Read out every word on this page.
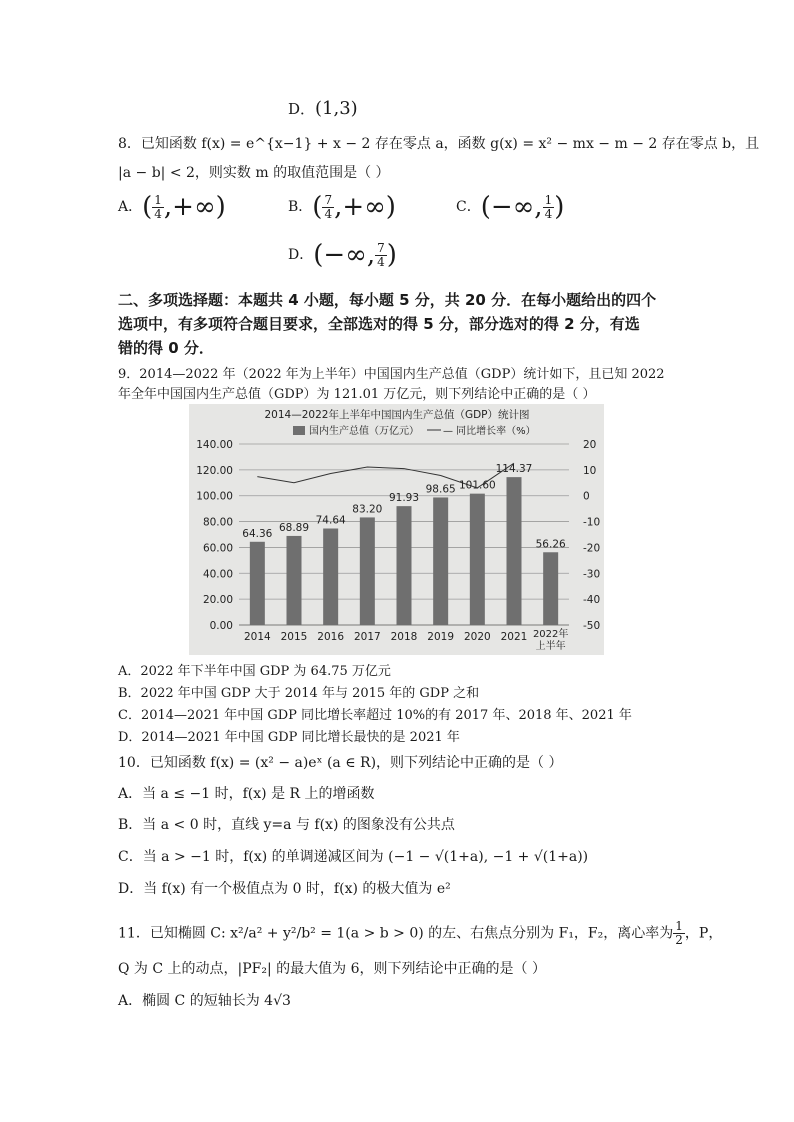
D．(1,3)
8．已知函数 f(x) = e^{x−1} + x − 2 存在零点 a，函数 g(x) = x² − mx − m − 2 存在零点 b，且
|a − b| < 2，则实数 m 的取值范围是（ ）
A．( $\frac{1}{4}$ ,+∞)	B．( $\frac{7}{4}$ ,+∞)	C．(−∞, $\frac{1}{4}$ )
D．(−∞, $\frac{7}{4}$ )
二、多项选择题：本题共 4 小题，每小题 5 分，共 20 分．在每小题给出的四个
选项中，有多项符合题目要求，全部选对的得 5 分，部分选对的得 2 分，有选
错的得 0 分．
9．2014—2022 年（2022 年为上半年）中国国内生产总值（GDP）统计如下，且已知 2022
年全年中国国内生产总值（GDP）为 121.01 万亿元，则下列结论中正确的是（ ）
2014—2022年上半年中国国内生产总值（GDP）统计图
国内生产总值（万亿元） — 同比增长率（%）
140.00	20
120.00	10
100.00	0
80.00	-10
60.00	-20
40.00	-30
20.00	-40
0.00	-50
64.36 68.89
74.64
83.20
91.93
98.65 101.60
114.37
56.26
2014 2015 2016 2017 2018 2019 2020 2021 2022年
上半年
A．2022 年下半年中国 GDP 为 64.75 万亿元
B．2022 年中国 GDP 大于 2014 年与 2015 年的 GDP 之和
C．2014—2021 年中国 GDP 同比增长率超过 10%的有 2017 年、2018 年、2021 年
D．2014—2021 年中国 GDP 同比增长最快的是 2021 年
10．已知函数 f(x) = (x² − a)eˣ (a ∈ R)，则下列结论中正确的是（ ）
A．当 a ≤ −1 时，f(x) 是 R 上的增函数
B．当 a < 0 时，直线 y=a 与 f(x) 的图象没有公共点
C．当 a > −1 时，f(x) 的单调递减区间为 (−1 − √(1+a), −1 + √(1+a))
D．当 f(x) 有一个极值点为 0 时，f(x) 的极大值为 e²
11．已知椭圆 C: x²/a² + y²/b² = 1(a > b > 0) 的左、右焦点分别为 F₁，F₂，离心率为 $\frac{1}{2}$ ，P，
Q 为 C 上的动点，|PF₂| 的最大值为 6，则下列结论中正确的是（ ）
A．椭圆 C 的短轴长为 4√3
